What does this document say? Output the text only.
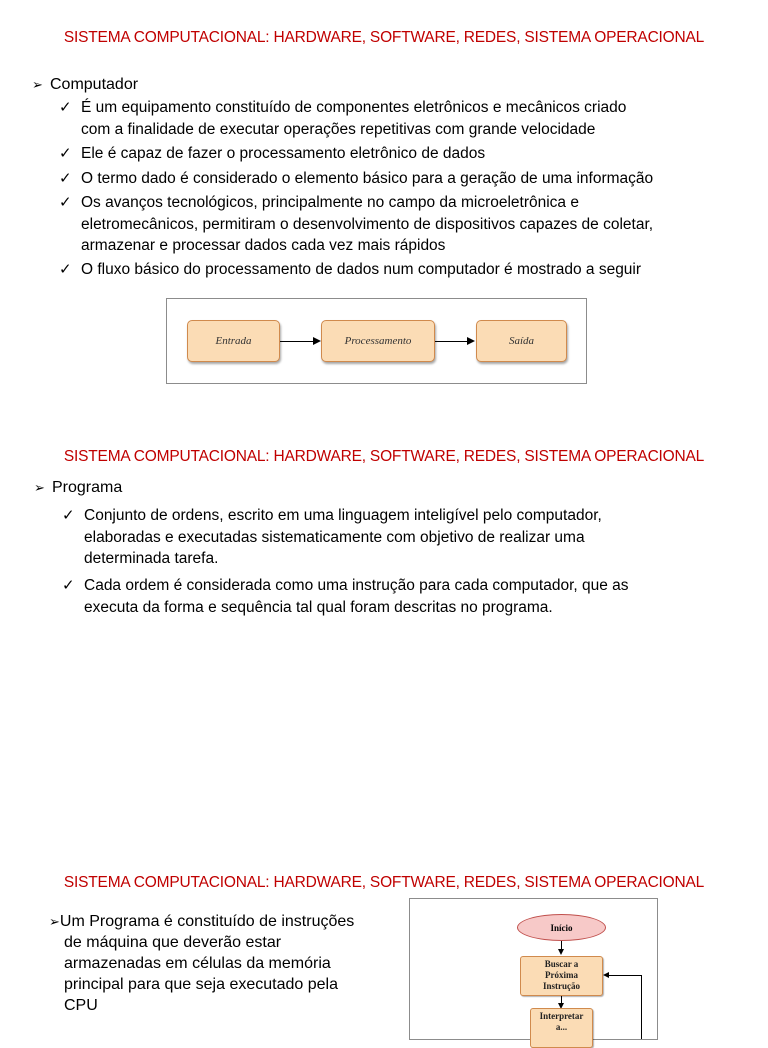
SISTEMA COMPUTACIONAL: HARDWARE, SOFTWARE, REDES, SISTEMA OPERACIONAL
➢ Computador
✓ É um equipamento constituído de componentes eletrônicos e mecânicos criado
com a finalidade de executar operações repetitivas com grande velocidade
✓ Ele é capaz de fazer o processamento eletrônico de dados
✓ O termo dado é considerado o elemento básico para a geração de uma informação
✓ Os avanços tecnológicos, principalmente no campo da microeletrônica e
eletromecânicos, permitiram o desenvolvimento de dispositivos capazes de coletar,
armazenar e processar dados cada vez mais rápidos
✓ O fluxo básico do processamento de dados num computador é mostrado a seguir
Entrada	Processamento	Saída
SISTEMA COMPUTACIONAL: HARDWARE, SOFTWARE, REDES, SISTEMA OPERACIONAL
➢ Programa
✓ Conjunto de ordens, escrito em uma linguagem inteligível pelo computador,
elaboradas e executadas sistematicamente com objetivo de realizar uma
determinada tarefa.
✓ Cada ordem é considerada como uma instrução para cada computador, que as
executa da forma e sequência tal qual foram descritas no programa.
SISTEMA COMPUTACIONAL: HARDWARE, SOFTWARE, REDES, SISTEMA OPERACIONAL
➢Um Programa é constituído de instruções
de máquina que deverão estar
armazenadas em células da memória
principal para que seja executado pela
CPU
Início
Buscar a
Próxima
Instrução
Interpretar
a...
